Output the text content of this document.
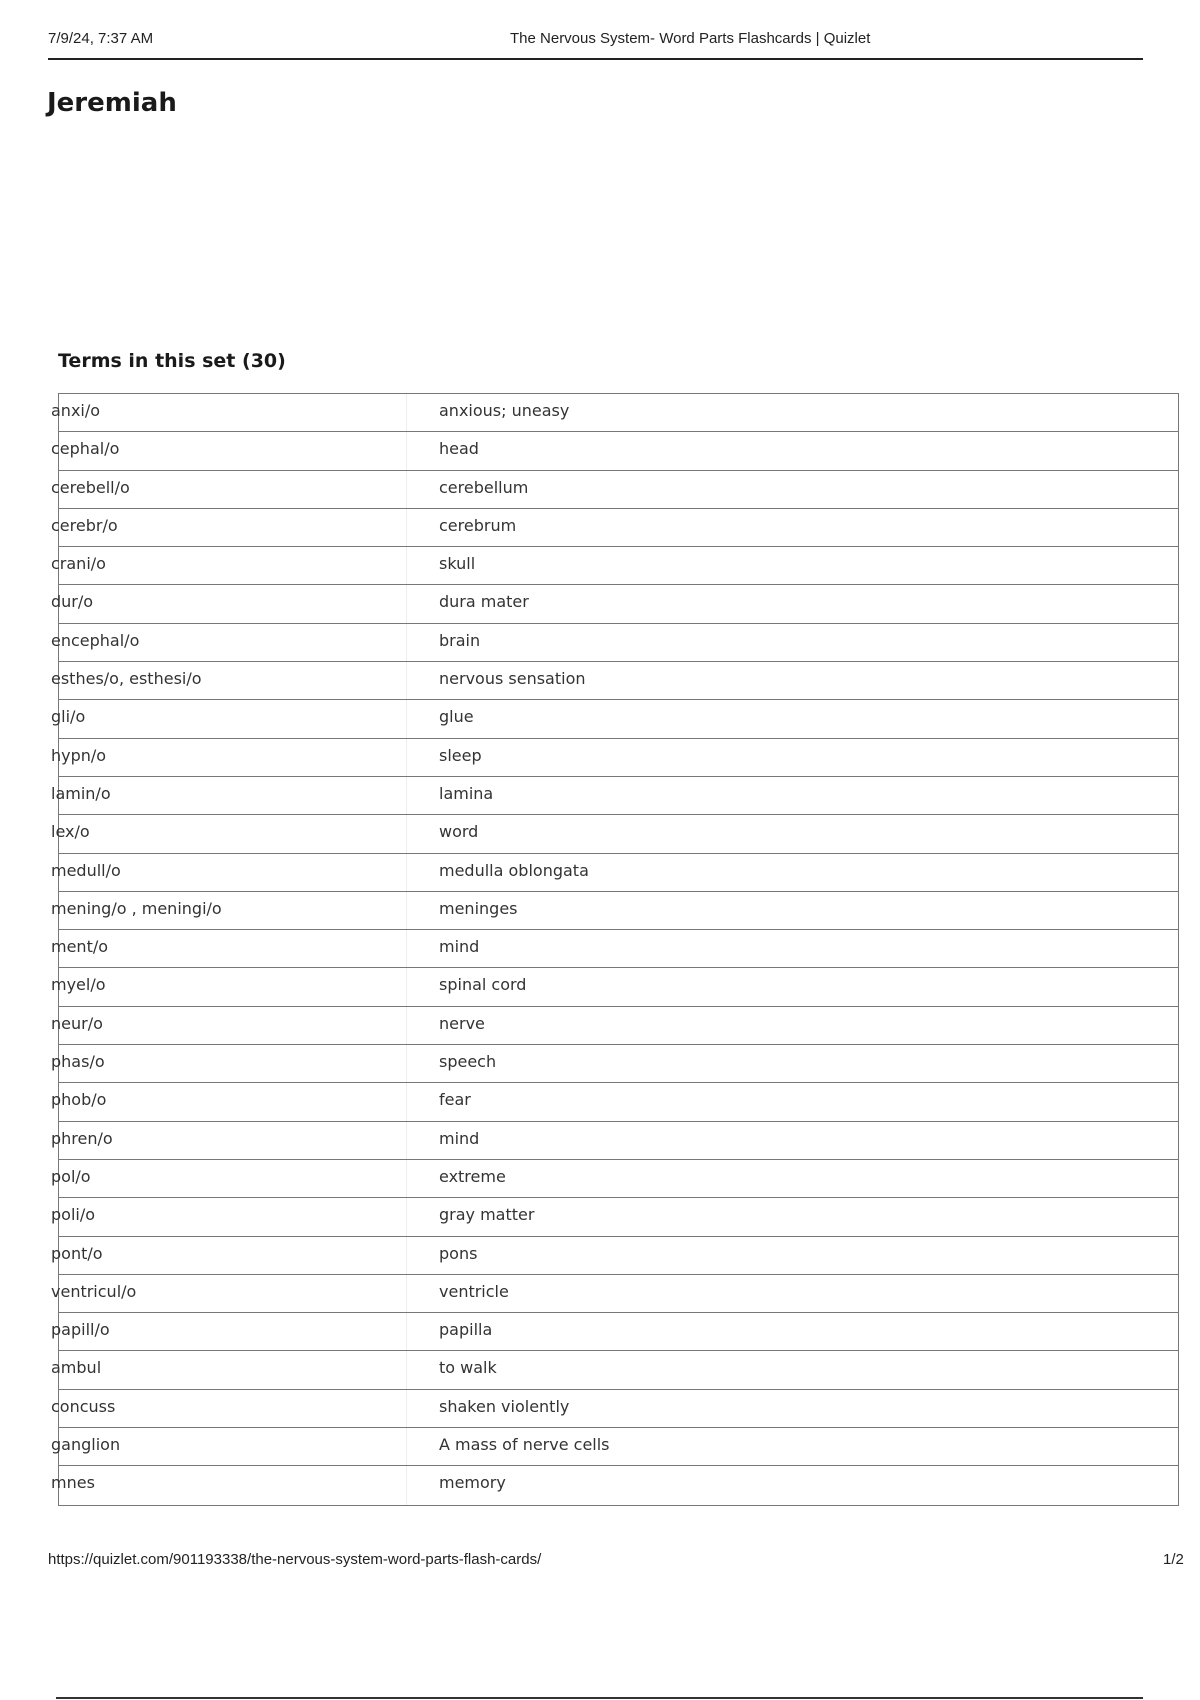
7/9/24, 7:37 AM	The Nervous System- Word Parts Flashcards | Quizlet
Jeremiah
Terms in this set (30)
anxi/o	anxious; uneasy
cephal/o	head
cerebell/o	cerebellum
cerebr/o	cerebrum
crani/o	skull
dur/o	dura mater
encephal/o	brain
esthes/o, esthesi/o	nervous sensation
gli/o	glue
hypn/o	sleep
lamin/o	lamina
lex/o	word
medull/o	medulla oblongata
mening/o , meningi/o	meninges
ment/o	mind
myel/o	spinal cord
neur/o	nerve
phas/o	speech
phob/o	fear
phren/o	mind
pol/o	extreme
poli/o	gray matter
pont/o	pons
ventricul/o	ventricle
papill/o	papilla
ambul	to walk
concuss	shaken violently
ganglion	A mass of nerve cells
mnes	memory
https://quizlet.com/901193338/the-nervous-system-word-parts-flash-cards/	1/2
